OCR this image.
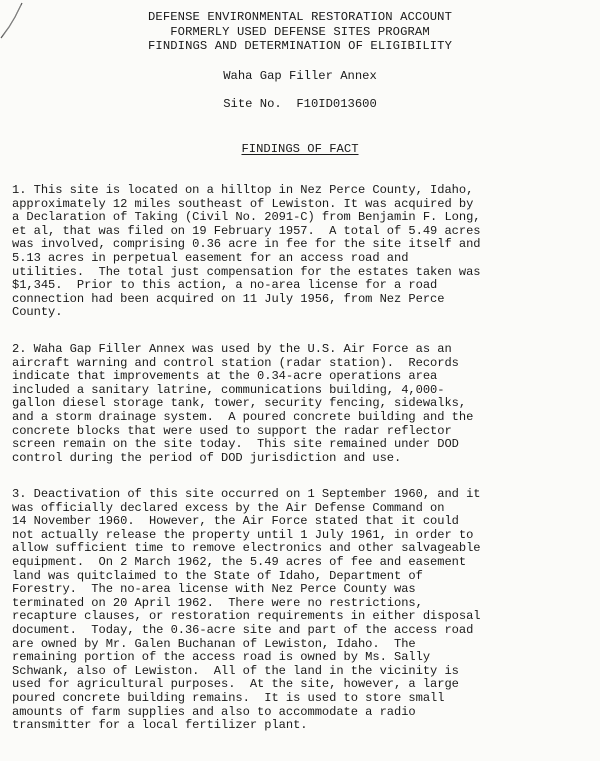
DEFENSE ENVIRONMENTAL RESTORATION ACCOUNT
FORMERLY USED DEFENSE SITES PROGRAM
FINDINGS AND DETERMINATION OF ELIGIBILITY
Waha Gap Filler Annex
Site No.  F10ID013600
FINDINGS OF FACT
1. This site is located on a hilltop in Nez Perce County, Idaho,
approximately 12 miles southeast of Lewiston. It was acquired by
a Declaration of Taking (Civil No. 2091-C) from Benjamin F. Long,
et al, that was filed on 19 February 1957.  A total of 5.49 acres
was involved, comprising 0.36 acre in fee for the site itself and
5.13 acres in perpetual easement for an access road and
utilities.  The total just compensation for the estates taken was
$1,345.  Prior to this action, a no-area license for a road
connection had been acquired on 11 July 1956, from Nez Perce
County.
2. Waha Gap Filler Annex was used by the U.S. Air Force as an
aircraft warning and control station (radar station).  Records
indicate that improvements at the 0.34-acre operations area
included a sanitary latrine, communications building, 4,000-
gallon diesel storage tank, tower, security fencing, sidewalks,
and a storm drainage system.  A poured concrete building and the
concrete blocks that were used to support the radar reflector
screen remain on the site today.  This site remained under DOD
control during the period of DOD jurisdiction and use.
3. Deactivation of this site occurred on 1 September 1960, and it
was officially declared excess by the Air Defense Command on
14 November 1960.  However, the Air Force stated that it could
not actually release the property until 1 July 1961, in order to
allow sufficient time to remove electronics and other salvageable
equipment.  On 2 March 1962, the 5.49 acres of fee and easement
land was quitclaimed to the State of Idaho, Department of
Forestry.  The no-area license with Nez Perce County was
terminated on 20 April 1962.  There were no restrictions,
recapture clauses, or restoration requirements in either disposal
document.  Today, the 0.36-acre site and part of the access road
are owned by Mr. Galen Buchanan of Lewiston, Idaho.  The
remaining portion of the access road is owned by Ms. Sally
Schwank, also of Lewiston.  All of the land in the vicinity is
used for agricultural purposes.  At the site, however, a large
poured concrete building remains.  It is used to store small
amounts of farm supplies and also to accommodate a radio
transmitter for a local fertilizer plant.
